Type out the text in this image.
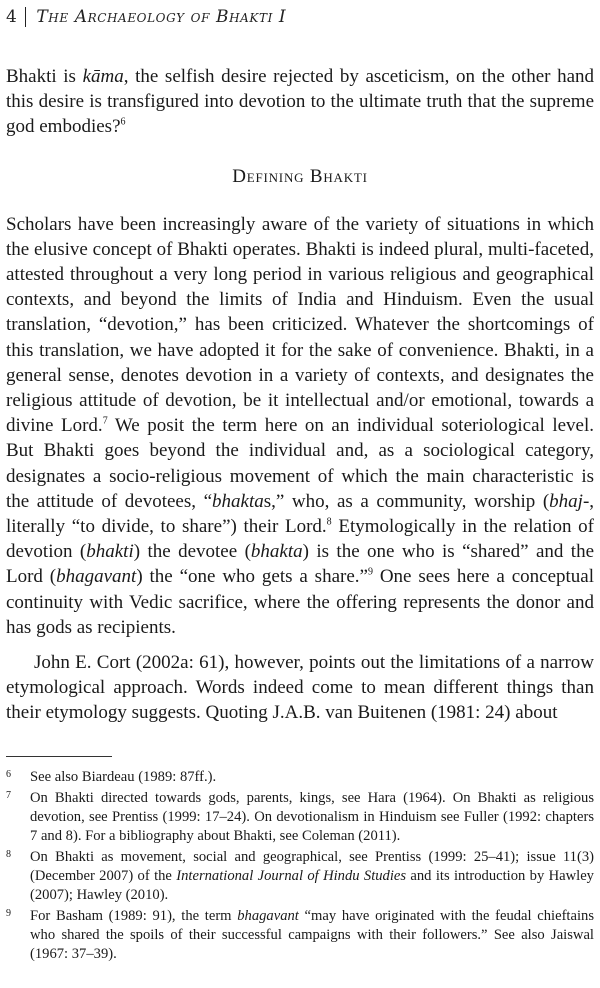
4 The Archaeology of Bhakti I

Bhakti is kāma, the selfish desire rejected by asceticism, on the other hand this desire is transfigured into devotion to the ultimate truth that the supreme god embodies?$^6$

Defining Bhakti

Scholars have been increasingly aware of the variety of situations in which the elusive concept of Bhakti operates. Bhakti is indeed plural, multi-faceted, attested throughout a very long period in various religious and geographical contexts, and beyond the limits of India and Hinduism. Even the usual translation, “devotion,” has been criticized. Whatever the shortcomings of this translation, we have adopted it for the sake of convenience. Bhakti, in a general sense, denotes devotion in a variety of contexts, and designates the religious attitude of devotion, be it intellectual and/or emotional, towards a divine Lord.$^7$ We posit the term here on an individual soteriological level. But Bhakti goes beyond the individual and, as a sociological category, designates a socio-religious movement of which the main characteristic is the attitude of devotees, “bhaktas,” who, as a community, worship (bhaj-, literally “to divide, to share”) their Lord.$^8$ Etymologically in the relation of devotion (bhakti) the devotee (bhakta) is the one who is “shared” and the Lord (bhagavant) the “one who gets a share.”$^9$ One sees here a conceptual continuity with Vedic sacrifice, where the offering represents the donor and has gods as recipients.

John E. Cort (2002a: 61), however, points out the limitations of a narrow etymological approach. Words indeed come to mean different things than their etymology suggests. Quoting J.A.B. van Buitenen (1981: 24) about

6 See also Biardeau (1989: 87ff.).
7 On Bhakti directed towards gods, parents, kings, see Hara (1964). On Bhakti as religious devotion, see Prentiss (1999: 17–24). On devotionalism in Hinduism see Fuller (1992: chapters 7 and 8). For a bibliography about Bhakti, see Coleman (2011).
8 On Bhakti as movement, social and geographical, see Prentiss (1999: 25–41); issue 11(3) (December 2007) of the International Journal of Hindu Studies and its introduction by Hawley (2007); Hawley (2010).
9 For Basham (1989: 91), the term bhagavant “may have originated with the feudal chieftains who shared the spoils of their successful campaigns with their followers.” See also Jaiswal (1967: 37–39).
